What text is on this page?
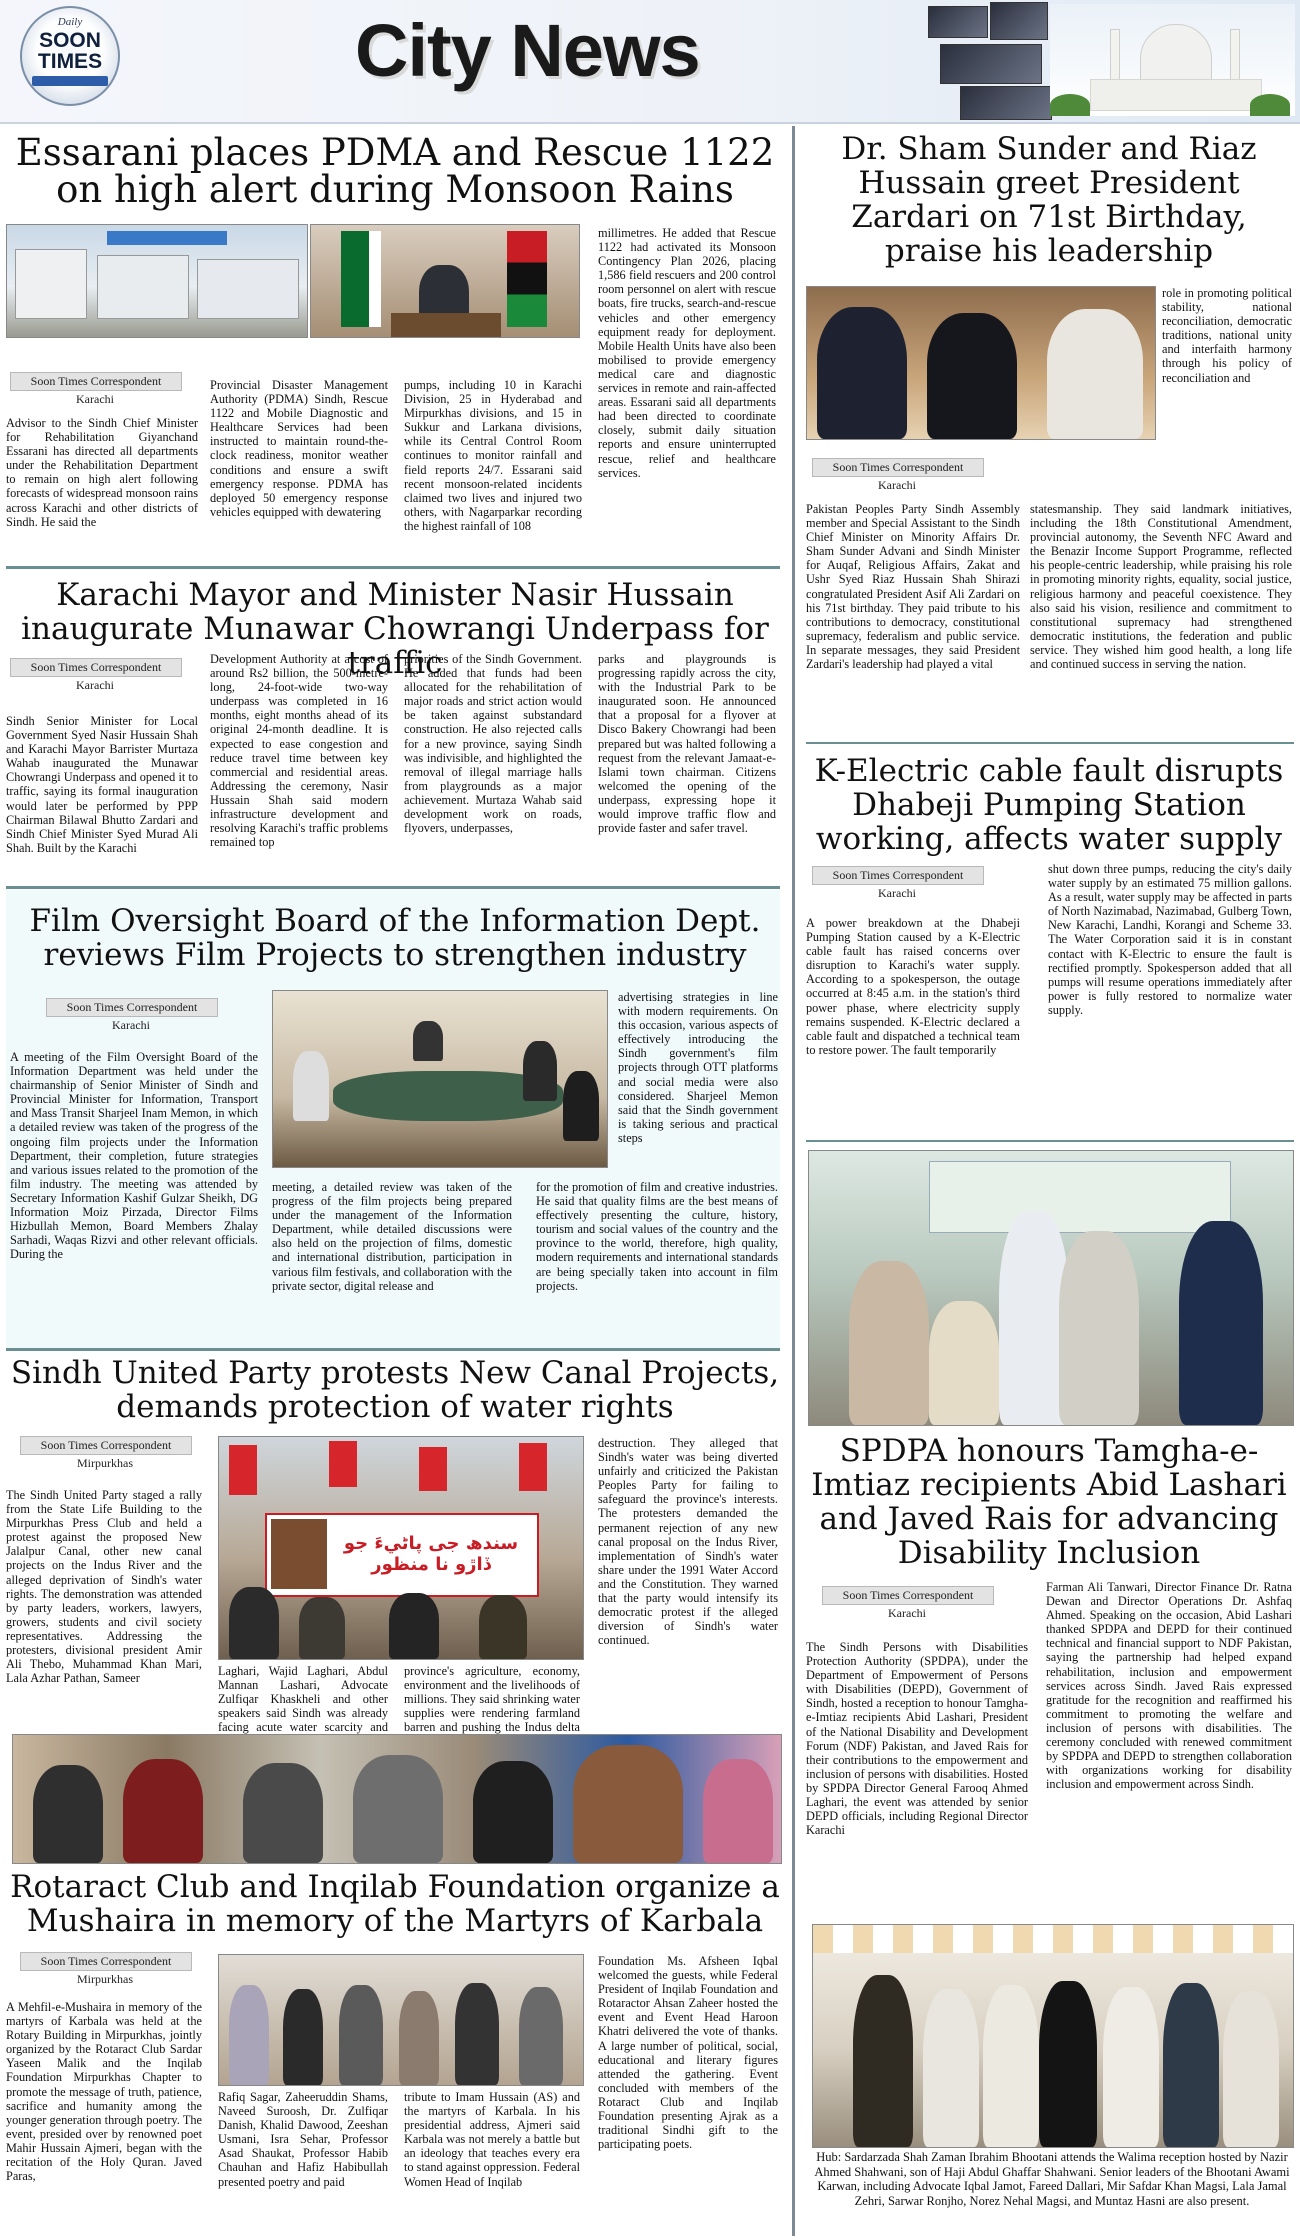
Daily
SOON TIMES	City News
Essarani places PDMA and Rescue 1122 on high alert during Monsoon Rains
Soon Times Correspondent
Karachi
Advisor to the Sindh Chief Minister for Rehabilitation Giyanchand Essarani has directed all departments under the Rehabilitation Department to remain on high alert following forecasts of widespread monsoon rains across Karachi and other districts of Sindh. He said the
Provincial Disaster Management Authority (PDMA) Sindh, Rescue 1122 and Mobile Diagnostic and Healthcare Services had been instructed to maintain round-the-clock readiness, monitor weather conditions and ensure a swift emergency response. PDMA has deployed 50 emergency response vehicles equipped with dewatering
pumps, including 10 in Karachi Division, 25 in Hyderabad and Mirpurkhas divisions, and 15 in Sukkur and Larkana divisions, while its Central Control Room continues to monitor rainfall and field reports 24/7. Essarani said recent monsoon-related incidents claimed two lives and injured two others, with Nagarparkar recording the highest rainfall of 108
millimetres. He added that Rescue 1122 had activated its Monsoon Contingency Plan 2026, placing 1,586 field rescuers and 200 control room personnel on alert with rescue boats, fire trucks, search-and-rescue vehicles and other emergency equipment ready for deployment. Mobile Health Units have also been mobilised to provide emergency medical care and diagnostic services in remote and rain-affected areas. Essarani said all departments had been directed to coordinate closely, submit daily situation reports and ensure uninterrupted rescue, relief and healthcare services.
Karachi Mayor and Minister Nasir Hussain inaugurate Munawar Chowrangi Underpass for traffic
Soon Times Correspondent
Karachi
Sindh Senior Minister for Local Government Syed Nasir Hussain Shah and Karachi Mayor Barrister Murtaza Wahab inaugurated the Munawar Chowrangi Underpass and opened it to traffic, saying its formal inauguration would later be performed by PPP Chairman Bilawal Bhutto Zardari and Sindh Chief Minister Syed Murad Ali Shah. Built by the Karachi
Development Authority at a cost of around Rs2 billion, the 500-metre-long, 24-foot-wide two-way underpass was completed in 16 months, eight months ahead of its original 24-month deadline. It is expected to ease congestion and reduce travel time between key commercial and residential areas. Addressing the ceremony, Nasir Hussain Shah said modern infrastructure development and resolving Karachi's traffic problems remained top
priorities of the Sindh Government. He added that funds had been allocated for the rehabilitation of major roads and strict action would be taken against substandard construction. He also rejected calls for a new province, saying Sindh was indivisible, and highlighted the removal of illegal marriage halls from playgrounds as a major achievement. Murtaza Wahab said development work on roads, flyovers, underpasses,
parks and playgrounds is progressing rapidly across the city, with the Industrial Park to be inaugurated soon. He announced that a proposal for a flyover at Disco Bakery Chowrangi had been prepared but was halted following a request from the relevant Jamaat-e-Islami town chairman. Citizens welcomed the opening of the underpass, expressing hope it would improve traffic flow and provide faster and safer travel.
Film Oversight Board of the Information Dept. reviews Film Projects to strengthen industry
Soon Times Correspondent
Karachi
A meeting of the Film Oversight Board of the Information Department was held under the chairmanship of Senior Minister of Sindh and Provincial Minister for Information, Transport and Mass Transit Sharjeel Inam Memon, in which a detailed review was taken of the progress of the ongoing film projects under the Information Department, their completion, future strategies and various issues related to the promotion of the film industry. The meeting was attended by Secretary Information Kashif Gulzar Sheikh, DG Information Moiz Pirzada, Director Films Hizbullah Memon, Board Members Zhalay Sarhadi, Waqas Rizvi and other relevant officials. During the
meeting, a detailed review was taken of the progress of the film projects being prepared under the management of the Information Department, while detailed discussions were also held on the projection of films, domestic and international distribution, participation in various film festivals, and collaboration with the private sector, digital release and
advertising strategies in line with modern requirements. On this occasion, various aspects of effectively introducing the Sindh government's film projects through OTT platforms and social media were also considered. Sharjeel Memon said that the Sindh government is taking serious and practical steps
for the promotion of film and creative industries. He said that quality films are the best means of effectively presenting the culture, history, tourism and social values of the country and the province to the world, therefore, high quality, modern requirements and international standards are being specially taken into account in film projects.
Sindh United Party protests New Canal Projects, demands protection of water rights
Soon Times Correspondent
Mirpurkhas
The Sindh United Party staged a rally from the State Life Building to the Mirpurkhas Press Club and held a protest against the proposed New Jalalpur Canal, other new canal projects on the Indus River and the alleged deprivation of Sindh's water rights. The demonstration was attended by party leaders, workers, lawyers, growers, students and civil society representatives. Addressing the protesters, divisional president Amir Ali Thebo, Muhammad Khan Mari, Lala Azhar Pathan, Sameer
سندھ جی پاڻيءَ جو ڏاڙو نا منظور
Laghari, Wajid Laghari, Abdul Mannan Lashari, Advocate Zulfiqar Khaskheli and other speakers said Sindh was already facing acute water scarcity and
province's agriculture, economy, environment and the livelihoods of millions. They said shrinking water supplies were rendering farmland barren and pushing the Indus delta
destruction. They alleged that Sindh's water was being diverted unfairly and criticized the Pakistan Peoples Party for failing to safeguard the province's interests. The protesters demanded the permanent rejection of any new canal proposal on the Indus River, implementation of Sindh's water share under the 1991 Water Accord and the Constitution. They warned that the party would intensify its democratic protest if the alleged diversion of Sindh's water continued.
Rotaract Club and Inqilab Foundation organize a Mushaira in memory of the Martyrs of Karbala
Soon Times Correspondent
Mirpurkhas
A Mehfil-e-Mushaira in memory of the martyrs of Karbala was held at the Rotary Building in Mirpurkhas, jointly organized by the Rotaract Club Sardar Yaseen Malik and the Inqilab Foundation Mirpurkhas Chapter to promote the message of truth, patience, sacrifice and humanity among the younger generation through poetry. The event, presided over by renowned poet Mahir Hussain Ajmeri, began with the recitation of the Holy Quran. Javed Paras,
Rafiq Sagar, Zaheeruddin Shams, Naveed Suroosh, Dr. Zulfiqar Danish, Khalid Dawood, Zeeshan Usmani, Isra Sehar, Professor Asad Shaukat, Professor Habib Chauhan and Hafiz Habibullah presented poetry and paid
tribute to Imam Hussain (AS) and the martyrs of Karbala. In his presidential address, Ajmeri said Karbala was not merely a battle but an ideology that teaches every era to stand against oppression. Federal Women Head of Inqilab
Foundation Ms. Afsheen Iqbal welcomed the guests, while Federal President of Inqilab Foundation and Rotaractor Ahsan Zaheer hosted the event and Event Head Haroon Khatri delivered the vote of thanks. A large number of political, social, educational and literary figures attended the gathering. Event concluded with members of the Rotaract Club and Inqilab Foundation presenting Ajrak as a traditional Sindhi gift to the participating poets.
Dr. Sham Sunder and Riaz Hussain greet President Zardari on 71st Birthday, praise his leadership
role in promoting political stability, national reconciliation, democratic traditions, national unity and interfaith harmony through his policy of reconciliation and
Soon Times Correspondent
Karachi
Pakistan Peoples Party Sindh Assembly member and Special Assistant to the Sindh Chief Minister on Minority Affairs Dr. Sham Sunder Advani and Sindh Minister for Auqaf, Religious Affairs, Zakat and Ushr Syed Riaz Hussain Shah Shirazi congratulated President Asif Ali Zardari on his 71st birthday. They paid tribute to his contributions to democracy, constitutional supremacy, federalism and public service. In separate messages, they said President Zardari's leadership had played a vital
statesmanship. They said landmark initiatives, including the 18th Constitutional Amendment, provincial autonomy, the Seventh NFC Award and the Benazir Income Support Programme, reflected his people-centric leadership, while praising his role in promoting minority rights, equality, social justice, religious harmony and peaceful coexistence. They also said his vision, resilience and commitment to constitutional supremacy had strengthened democratic institutions, the federation and public service. They wished him good health, a long life and continued success in serving the nation.
K-Electric cable fault disrupts Dhabeji Pumping Station working, affects water supply
Soon Times Correspondent
Karachi
A power breakdown at the Dhabeji Pumping Station caused by a K-Electric cable fault has raised concerns over disruption to Karachi's water supply. According to a spokesperson, the outage occurred at 8:45 a.m. in the station's third power phase, where electricity supply remains suspended. K-Electric declared a cable fault and dispatched a technical team to restore power. The fault temporarily
shut down three pumps, reducing the city's daily water supply by an estimated 75 million gallons. As a result, water supply may be affected in parts of North Nazimabad, Nazimabad, Gulberg Town, New Karachi, Landhi, Korangi and Scheme 33. The Water Corporation said it is in constant contact with K-Electric to ensure the fault is rectified promptly. Spokesperson added that all pumps will resume operations immediately after power is fully restored to normalize water supply.
SPDPA honours Tamgha-e-Imtiaz recipients Abid Lashari and Javed Rais for advancing Disability Inclusion
Soon Times Correspondent
Karachi
The Sindh Persons with Disabilities Protection Authority (SPDPA), under the Department of Empowerment of Persons with Disabilities (DEPD), Government of Sindh, hosted a reception to honour Tamgha-e-Imtiaz recipients Abid Lashari, President of the National Disability and Development Forum (NDF) Pakistan, and Javed Rais for their contributions to the empowerment and inclusion of persons with disabilities. Hosted by SPDPA Director General Farooq Ahmed Laghari, the event was attended by senior DEPD officials, including Regional Director Karachi
Farman Ali Tanwari, Director Finance Dr. Ratna Dewan and Director Operations Dr. Ashfaq Ahmed. Speaking on the occasion, Abid Lashari thanked SPDPA and DEPD for their continued technical and financial support to NDF Pakistan, saying the partnership had helped expand rehabilitation, inclusion and empowerment services across Sindh. Javed Rais expressed gratitude for the recognition and reaffirmed his commitment to promoting the welfare and inclusion of persons with disabilities. The ceremony concluded with renewed commitment by SPDPA and DEPD to strengthen collaboration with organizations working for disability inclusion and empowerment across Sindh.
Hub: Sardarzada Shah Zaman Ibrahim Bhootani attends the Walima reception hosted by Nazir Ahmed Shahwani, son of Haji Abdul Ghaffar Shahwani. Senior leaders of the Bhootani Awami Karwan, including Advocate Iqbal Jamot, Fareed Dallari, Mir Safdar Khan Magsi, Lala Jamal Zehri, Sarwar Ronjho, Norez Nehal Magsi, and Muntaz Hasni are also present.
